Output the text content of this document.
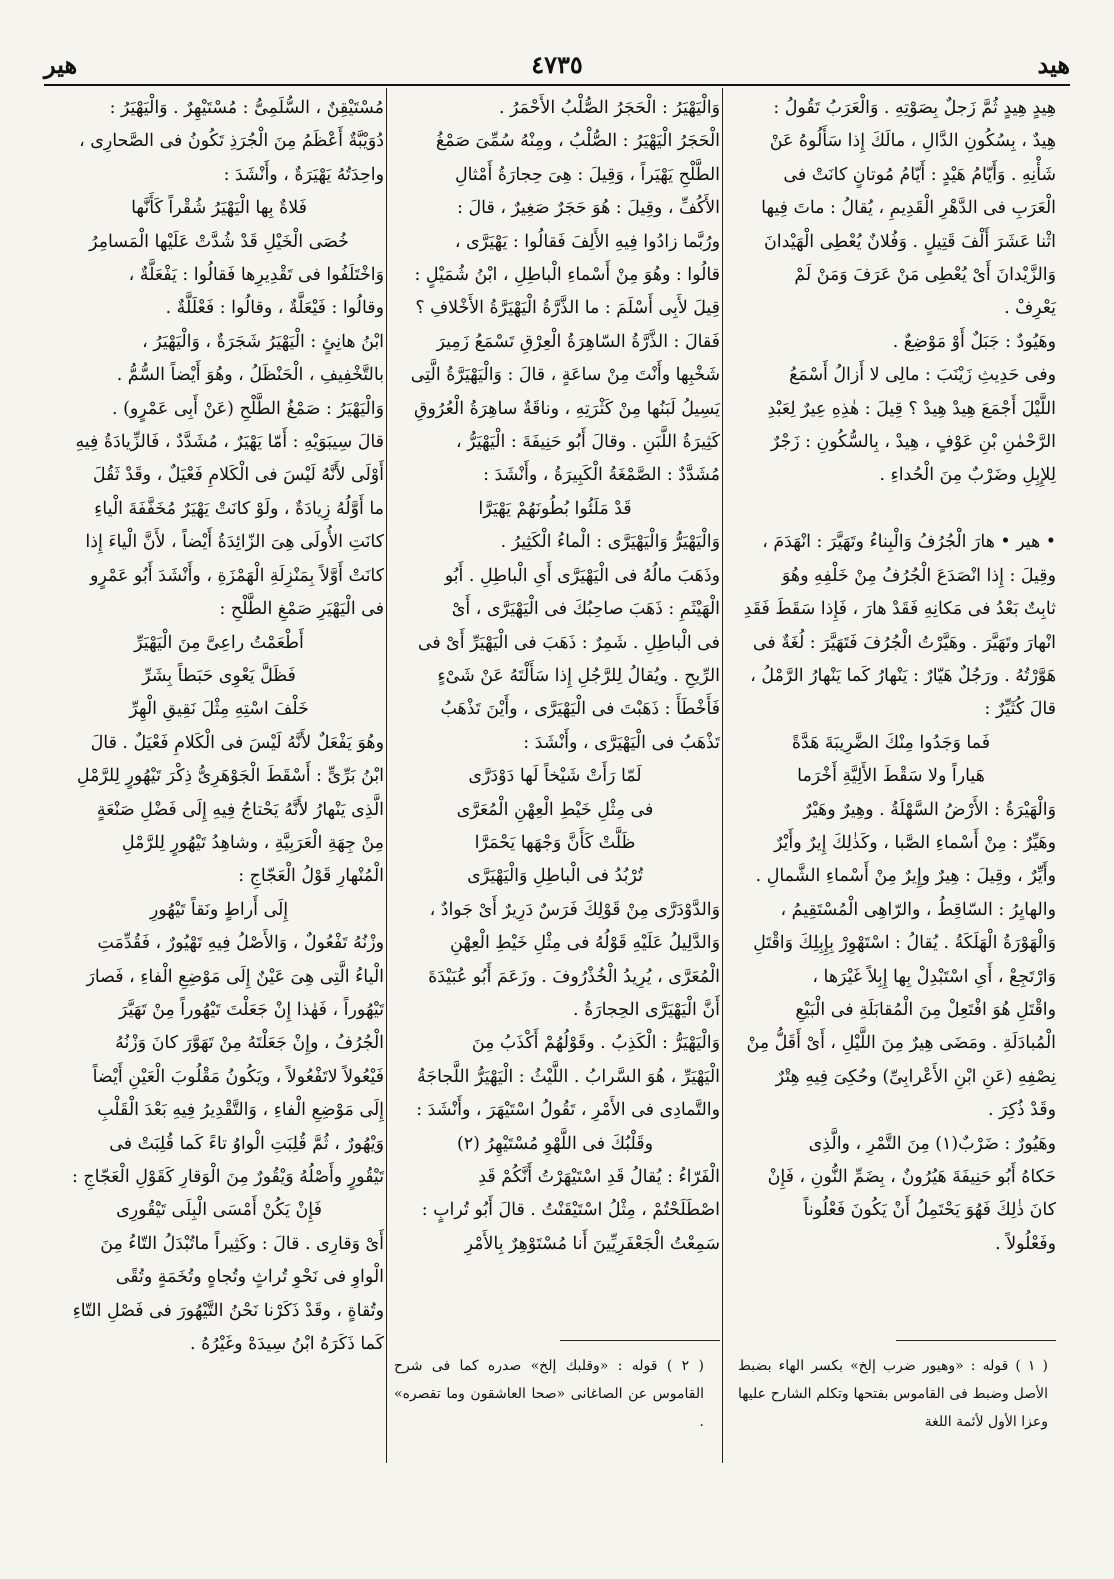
هيد
٤٧٣٥
هير

هِيدٍ هِيدٍ ثُمَّ زَجلٌ بِصَوْتِهِ . وَالْعَرَبُ تَقُولُ :

هِيدٌ ، بِسُكُونِ الدَّالِ ، مالَكَ إِذا سَأَلُوهُ عَنْ

شَأْنِهِ . وَأَيّامُ هَيْدٍ : أَيّامُ مُوتانٍ كانَتْ فى

الْعَرَبِ فى الدَّهْرِ الْقَدِيمِ ، يُقالُ : ماتَ فِيها

اثْنا عَشَرَ أَلْفَ قَتِيلٍ . وَفُلانٌ يُعْطِى الْهَيْدانَ

وَالزَّيْدانَ أَىْ يُعْطِى مَنْ عَرَفَ وَمَنْ لَمْ

يَعْرِفْ .

وهَيُودٌ : جَبَلٌ أَوْ مَوْضِعٌ .

وفى حَدِيثِ زَيْنَبَ : مالِى لا أَزالُ أَسْمَعُ

اللَّيْلَ أَجْمَعَ هِيدْ هِيدْ ؟ قِيلَ : هٰذِهِ عِيرٌ لِعَبْدِ

الرَّحْمٰنِ بْنِ عَوْفٍ ، هِيدْ ، بِالسُّكُونِ : زَجْرٌ

لِلإِبِلِ وضَرْبٌ مِنَ الْحُداءِ .

• هير • هارَ الْجُرُفُ وَالْبِناءُ وتَهَيَّرَ : انْهَدَمَ ،

وقِيلَ : إِذا انْصَدَعَ الْجُرُفُ مِنْ خَلْفِهِ وهُوَ

ثابِتٌ بَعْدُ فى مَكانِهِ فَقَدْ هارَ ، فَإِذا سَقَطَ فَقَدِ

انْهارَ وتَهَيَّرَ . وهَيَّرْتُ الْجُرُفَ فَتَهَيَّرَ : لُغَةٌ فى

هَوَّرْتُهُ . ورَجُلٌ هَيّارٌ : يَنْهارُ كَما يَنْهارُ الرَّمْلُ ،

قالَ كُثَيِّرٌ :

فَما وَجَدُوا مِنْكَ الضَّرِيبَةَ هَدَّةً

هَياراً ولا سَقْطَ الأَلِيَّةِ أَخْرَما

وَالْهَيْرَةُ : الأَرْضُ السَّهْلَةُ . وهِيرٌ وهَيْرٌ

وهَيِّرٌ : مِنْ أَسْماءِ الصَّبا ، وكَذٰلِكَ إِيرٌ وأَيْرٌ

وأَيِّرٌ ، وقِيلَ : هِيرٌ وإِيرٌ مِنْ أَسْماءِ الشَّمالِ .

والهايِرُ : السّاقِطُ ، والرّاهِى الْمُسْتَقِيمُ ،

وَالْهَوْرَةُ الْهَلَكَةُ . يُقالُ : اسْتَهْوِرْ بِإِبِلِكَ وَاقْتَلِ

وَارْتَجِعْ ، أَىِ اسْتَبْدِلْ بِها إِبِلاً غَيْرَها ،

واقْتَلِ هُوَ افْتَعِلْ مِنَ الْمُقابَلَةِ فى الْبَيْعِ

الْمُبادَلَةِ . ومَضَى هِيرٌ مِنَ اللَّيْلِ ، أَىْ أَقَلُّ مِنْ

نِصْفِهِ (عَنِ ابْنِ الأَعْرابِىِّ) وحُكِىَ فِيهِ هِتْرٌ

وقَدْ ذُكِرَ .

وهَيُورٌ : ضَرْبٌ(١) مِنَ التَّمْرِ ، والَّذِى

حَكاهُ أَبُو حَنِيفَةَ هَيُرُونٌ ، بِضَمِّ النُّونِ ، فَإِنْ

كانَ ذٰلِكَ فَهُوَ يَحْتَمِلُ أَنْ يَكُونَ فَعْلُوناً

وفَعْلُولاً .

وَالْيَهْيَرُ : الْحَجَرُ الصُّلْبُ الأَحْمَرُ .

الْحَجَرُ الْيَهْيَرُ : الصُّلْبُ ، ومِنْهُ سُمِّىَ صَمْغُ

الطَّلْحِ يَهْيَراً ، وَقِيلَ : هِىَ حِجارَةُ أَمْثالِ

الأَكُفِّ ، وقِيلَ : هُوَ حَجَرٌ صَغِيرٌ ، قالَ :

ورُبَّما زادُوا فِيهِ الأَلِفَ فَقالُوا : يَهْيَرَّى ،

قالُوا : وهُوَ مِنْ أَسْماءِ الْباطِلِ ، ابْنُ شُمَيْلٍ :

قِيلَ لأَبِى أَسْلَمَ : ما الذَّرَّةُ الْيَهْيَرَّةُ الأَخْلافِ ؟

فَقالَ : الذَّرَّةُ السّاهِرَةُ الْعِرْقِ تَسْمَعُ زَمِيرَ

شَخْبِها وأَنْتَ مِنْ ساعَةٍ ، قالَ : وَالْيَهْيَرَّةُ الَّتِى

يَسِيلُ لَبَنُها مِنْ كَثْرَتِهِ ، وناقَةٌ ساهِرَةُ الْعُرُوقِ

كَثِيرَةُ اللَّبَنِ . وقالَ أَبُو حَنِيفَةَ : الْيَهْيَرُّ ،

مُشَدَّدٌ : الصَّمْغَةُ الْكَبِيرَةُ ، وأَنْشَدَ :

قَدْ مَلَئُوا بُطُونَهُمْ يَهْيَرَّا

وَالْيَهْيَرُّ وَالْيَهْيَرَّى : الْماءُ الْكَثِيرُ .

وذَهَبَ مالُهُ فى الْيَهْيَرَّى أَىِ الْباطِلِ . أَبُو

الْهَيْثَمِ : ذَهَبَ صاحِبُكَ فى الْيَهْيَرَّى ، أَىْ

فى الْباطِلِ . شَمِرٌ : ذَهَبَ فى الْيَهْيَرِّ أَىْ فى

الرِّيحِ . ويُقالُ لِلرَّجُلِ إِذا سَأَلْتَهُ عَنْ شَىْءٍ

فَأَخْطَأَ : ذَهَبْتَ فى الْيَهْيَرَّى ، وأَيْنَ تَذْهَبُ

تَذْهَبُ فى الْيَهْيَرَّى ، وأَنْشَدَ :

لَمّا رَأَتْ شَيْخاً لَها دَوْدَرَّى

فى مِثْلِ خَيْطِ الْعِهْنِ الْمُعَرَّى

ظَلَّتْ كَأَنَّ وَجْهَها يَحْمَرَّا

تُرْبُدُ فى الْباطِلِ وَالْيَهْيَرَّى

وَالدَّوْدَرَّى مِنْ قَوْلِكَ فَرَسٌ دَرِيرٌ أَىْ جَوادٌ ،

وَالدَّلِيلُ عَلَيْهِ قَوْلُهُ فى مِثْلِ خَيْطِ الْعِهْنِ

الْمُعَرَّى ، يُرِيدُ الْخُذْرُوفَ . وزَعَمَ أَبُو عُبَيْدَةَ

أَنَّ الْيَهْيَرَّى الحِجارَةُ .

وَالْيَهْيَرُّ : الْكَذِبُ . وقَوْلُهُمْ أَكْذَبُ مِنَ

الْيَهْيَرِّ ، هُوَ السَّرابُ . اللَّيْثُ : الْيَهْيَرُّ اللَّجاجَةُ

والتَّمادِى فى الأَمْرِ ، تَقُولُ اسْتَيْهَرَ ، وأَنْشَدَ :

وقَلْبُكَ فى اللَّهْوِ مُسْتَيْهِرُ (٢)

الْفَرّاءُ : يُقالُ قَدِ اسْتَيْهَرْتُ أَنَّكُمْ قَدِ

اصْطَلَحْتُمْ ، مِثْلُ اسْتَيْقَنْتُ . قالَ أَبُو تُرابٍ :

سَمِعْتُ الْجَعْفَرِيِّينَ أَنا مُسْتَوْهِرٌ بِالأَمْرِ

مُسْتَيْقِنٌ ، السُّلَمِىُّ : مُسْتَيْهِرٌ . وَالْيَهْيَرُ :

دُوَيْبَّةٌ أَعْظَمُ مِنَ الْجُرَذِ تَكُونُ فى الصَّحارِى ،

واحِدَتُهُ يَهْيَرَةٌ ، وأَنْشَدَ :

فَلاةٌ بِها الْيَهْيَرُ شُقْراً كَأَنَّها

خُصَى الْخَيْلِ قَدْ شُدَّتْ عَلَيْها الْمَسامِرُ

وَاخْتَلَفُوا فى تَقْدِيرِها فَقالُوا : يَفْعَلَّةٌ ،

وقالُوا : فَيْعَلَّةٌ ، وقالُوا : فَعْلَلَّةٌ .

ابْنُ هانِئٍ : الْيَهْيَرُ شَجَرَةٌ ، وَالْيَهْيَرُ ،

بالتَّخْفِيفِ ، الْحَنْظَلُ ، وهُوَ أَيْضاً السُّمُّ .

وَالْيَهْيَرُ : صَمْغُ الطَّلْحِ (عَنْ أَبِى عَمْرٍو) .

قالَ سِيبَوَيْهِ : أَمّا يَهْيَرٌ ، مُشَدَّدٌ ، فَالزِّيادَةُ فِيهِ

أَوْلَى لأَنَّهُ لَيْسَ فى الْكَلامِ فَعْيَلٌ ، وقَدْ ثَقُلَ

ما أَوَّلُهُ زِيادَةٌ ، ولَوْ كانَتْ يَهْيَرٌ مُخَفَّفَةَ الْياءِ

كانَتِ الأُولَى هِىَ الزّائِدَةُ أَيْضاً ، لأَنَّ الْياءَ إِذا

كانَتْ أَوَّلاً بِمَنْزِلَةِ الْهَمْزَةِ ، وأَنْشَدَ أَبُو عَمْرٍو

فى الْيَهْيَرِ صَمْغِ الطَّلْحِ :

أَطْعَمْتُ راعِىَّ مِنَ الْيَهْيَرِّ

فَظَلَّ يَعْوِى حَبَطاً بِشَرِّ

خَلْفَ اسْتِهِ مِثْلَ نَقِيقِ الْهِرِّ

وهُوَ يَفْعَلٌ لأَنَّهُ لَيْسَ فى الْكَلامِ فَعْيَلٌ . قالَ

ابْنُ بَرِّىٍّ : أَسْقَطَ الْجَوْهَرِىُّ ذِكْرَ تَيْهُورٍ لِلرَّمْلِ

الَّذِى يَنْهارُ لأَنَّهُ يَحْتاجُ فِيهِ إِلَى فَضْلِ صَنْعَةٍ

مِنْ جِهَةِ الْعَرَبِيَّةِ ، وشاهِدُ تَيْهُورٍ لِلرَّمْلِ

الْمُنْهارِ قَوْلُ الْعَجّاجِ :

إِلَى أَراطٍ ونَقاً تَيْهُورِ

وزْنُهُ تَفْعُولٌ ، وَالأَصْلُ فِيهِ تَهْيُورٌ ، فَقُدِّمَتِ

الْياءُ الَّتِى هِىَ عَيْنٌ إِلَى مَوْضِعِ الْفاءِ ، فَصارَ

تَيْهُوراً ، فَهٰذا إِنْ جَعَلْتَ تَيْهُوراً مِنْ تَهَيَّرَ

الْجُرُفُ ، وإِنْ جَعَلْتَهُ مِنْ تَهَوَّرَ كانَ وَزْنُهُ

فَيْعُولاً لاتَفْعُولاً ، ويَكُونُ مَقْلُوبَ الْعَيْنِ أَيْضاً

إِلَى مَوْضِعِ الْفاءِ ، وَالتَّقْدِيرُ فِيهِ بَعْدَ الْقَلْبِ

وَيْهُورٌ ، ثُمَّ قُلِبَتِ الْواوُ تاءً كَما قُلِبَتْ فى

تَيْقُورٍ وأَصْلُهُ وَيْقُورٌ مِنَ الْوَقارِ كَقَوْلِ الْعَجّاجِ :

فَإِنْ يَكُنْ أَمْسَى الْبِلَى تَيْقُورِى

أَىْ وَقارِى . قالَ : وكَثِيراً ماتُبْدَلُ التّاءُ مِنَ

الْواوِ فى نَحْوِ تُراثٍ وتُجاهٍ وتُخَمَةٍ وتُقًى

وتُقاةٍ ، وقَدْ ذَكَرْنا نَحْنُ التَّيْهُورَ فى فَصْلِ التّاءِ

كَما ذَكَرَهُ ابْنُ سِيدَهْ وغَيْرُهُ .

( ١ ) قوله : «وهيور ضرب إلخ» بكسر الهاء بضبط الأصل وضبط فى القاموس بفتحها وتكلم الشارح عليها وعزا الأول لأئمة اللغة
( ٢ ) قوله : «وقلبك إلخ» صدره كما فى شرح القاموس عن الصاغانى «صحا العاشقون وما تقصره» .
